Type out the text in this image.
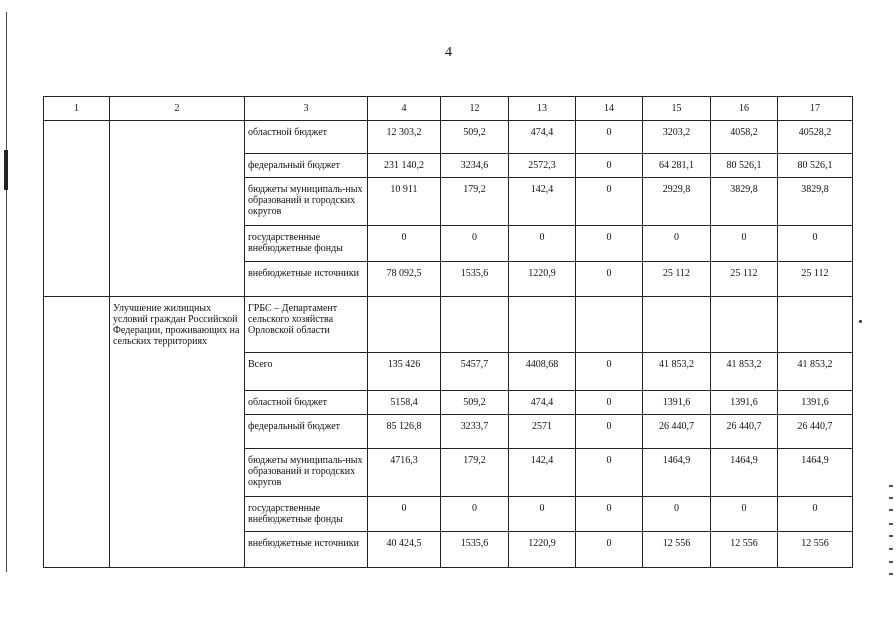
4
1	2	3	4	12	13	14	15	16	17
		областной бюджет	12 303,2	509,2	474,4	0	3203,2	4058,2	40528,2
		федеральный бюджет	231 140,2	3234,6	2572,3	0	64 281,1	80 526,1	80 526,1
		бюджеты муниципаль-ных образований и городских округов	10 911	179,2	142,4	0	2929,8	3829,8	3829,8
		государственные внебюджетные фонды	0	0	0	0	0	0	0
		внебюджетные источники	78 092,5	1535,6	1220,9	0	25 112	25 112	25 112
	Улучшение жилищных условий граждан Российской Федерации, проживающих на сельских территориях	ГРБС – Департамент сельского хозяйства Орловской области							
		Всего	135 426	5457,7	4408,68	0	41 853,2	41 853,2	41 853,2
		областной бюджет	5158,4	509,2	474,4	0	1391,6	1391,6	1391,6
		федеральный бюджет	85 126,8	3233,7	2571	0	26 440,7	26 440,7	26 440,7
		бюджеты муниципаль-ных образований и городских округов	4716,3	179,2	142,4	0	1464,9	1464,9	1464,9
		государственные внебюджетные фонды	0	0	0	0	0	0	0
		внебюджетные источники	40 424,5	1535,6	1220,9	0	12 556	12 556	12 556
